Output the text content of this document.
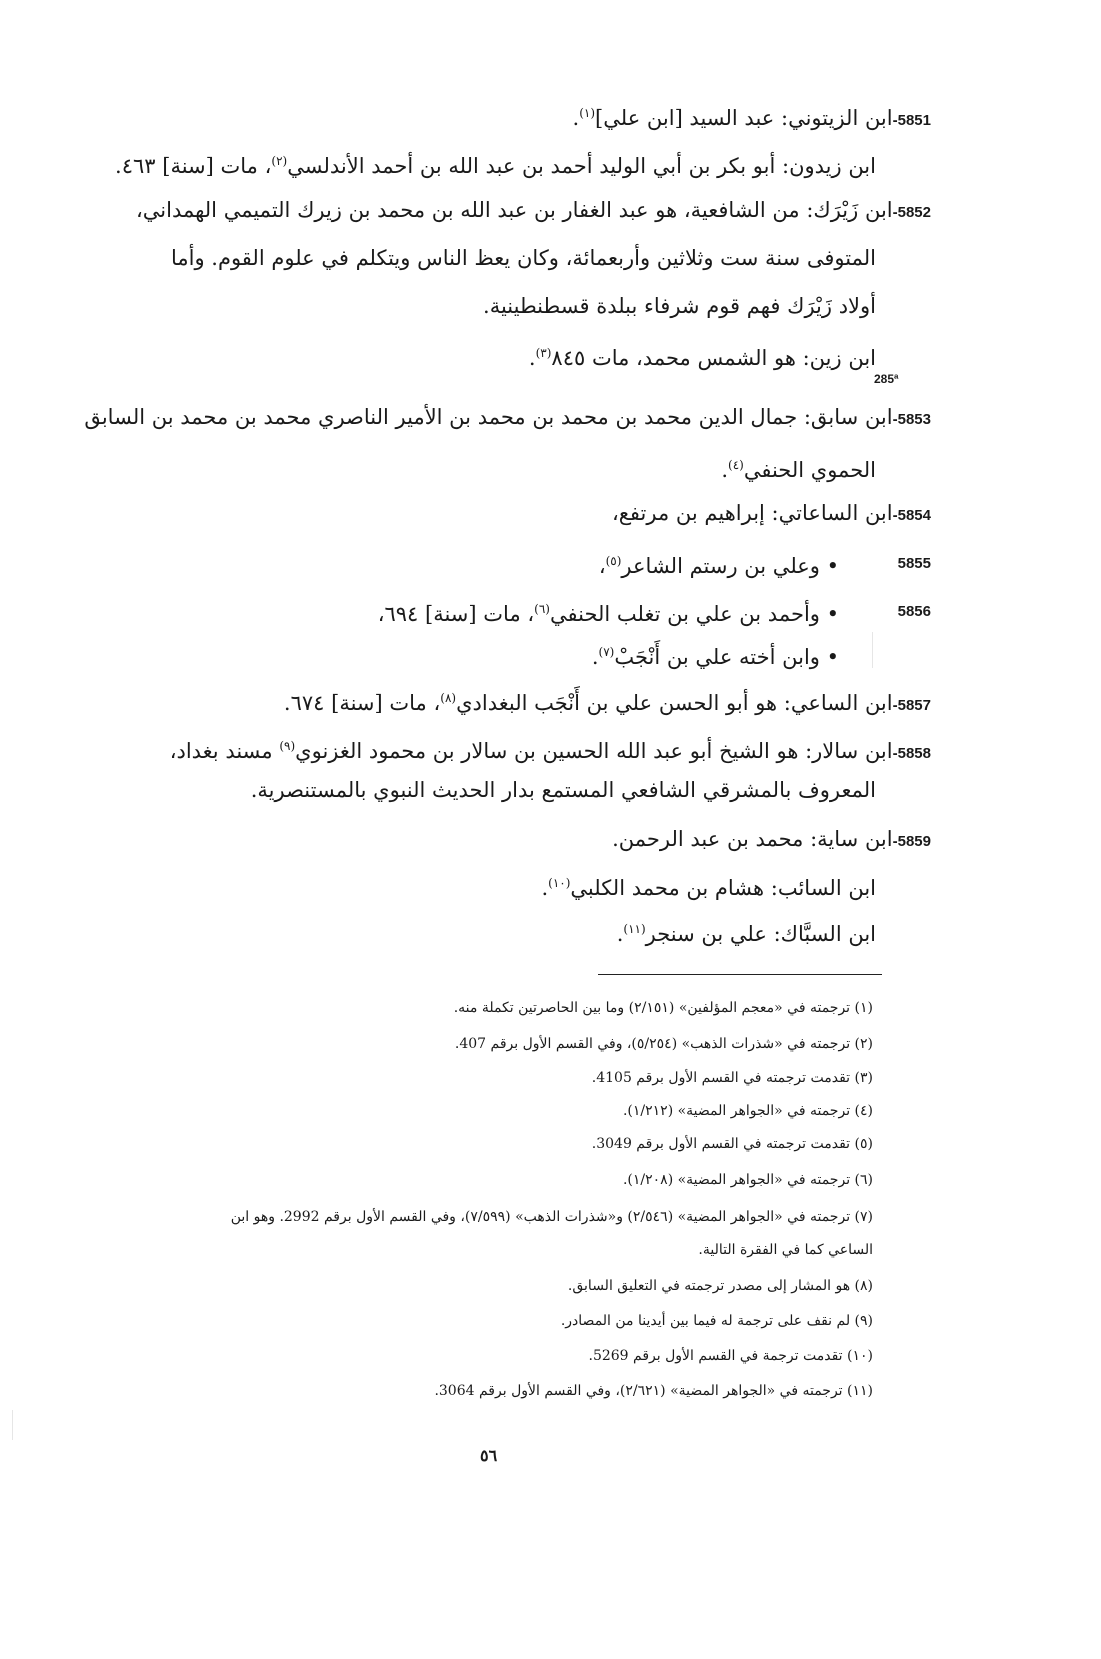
5851-ابن الزيتوني: عبد السيد [ابن علي]$^{(١)}$.
ابن زيدون: أبو بكر بن أبي الوليد أحمد بن عبد الله بن أحمد الأندلسي$^{(٢)}$، مات [سنة] ٤٦٣.
5852-ابن زَيْرَك: من الشافعية، هو عبد الغفار بن عبد الله بن محمد بن زيرك التميمي الهمداني،
المتوفى سنة ست وثلاثين وأربعمائة، وكان يعظ الناس ويتكلم في علوم القوم. وأما
أولاد زَيْرَك فهم قوم شرفاء ببلدة قسطنطينية.
ابن زين: هو الشمس محمد، مات ٨٤٥$^{(٣)}$.
285ª
5853-ابن سابق: جمال الدين محمد بن محمد بن محمد بن الأمير الناصري محمد بن محمد بن السابق
الحموي الحنفي$^{(٤)}$.
5854-ابن الساعاتي: إبراهيم بن مرتفع،
5855
• وعلي بن رستم الشاعر$^{(٥)}$،
5856
• وأحمد بن علي بن تغلب الحنفي$^{(٦)}$، مات [سنة] ٦٩٤،
• وابن أخته علي بن أَنْجَبْ$^{(٧)}$.
5857-ابن الساعي: هو أبو الحسن علي بن أَنْجَب البغدادي$^{(٨)}$، مات [سنة] ٦٧٤.
5858-ابن سالار: هو الشيخ أبو عبد الله الحسين بن سالار بن محمود الغزنوي$^{(٩)}$ مسند بغداد،
المعروف بالمشرقي الشافعي المستمع بدار الحديث النبوي بالمستنصرية.
5859-ابن ساية: محمد بن عبد الرحمن.
ابن السائب: هشام بن محمد الكلبي$^{(١٠)}$.
ابن السبَّاك: علي بن سنجر$^{(١١)}$.
(١) ترجمته في «معجم المؤلفين» (٢/١٥١) وما بين الحاصرتين تكملة منه.
(٢) ترجمته في «شذرات الذهب» (٥/٢٥٤)، وفي القسم الأول برقم 407.
(٣) تقدمت ترجمته في القسم الأول برقم 4105.
(٤) ترجمته في «الجواهر المضية» (١/٢١٢).
(٥) تقدمت ترجمته في القسم الأول برقم 3049.
(٦) ترجمته في «الجواهر المضية» (١/٢٠٨).
(٧) ترجمته في «الجواهر المضية» (٢/٥٤٦) و«شذرات الذهب» (٧/٥٩٩)، وفي القسم الأول برقم 2992. وهو ابن
الساعي كما في الفقرة التالية.
(٨) هو المشار إلى مصدر ترجمته في التعليق السابق.
(٩) لم نقف على ترجمة له فيما بين أيدينا من المصادر.
(١٠) تقدمت ترجمة في القسم الأول برقم 5269.
(١١) ترجمته في «الجواهر المضية» (٢/٦٢١)، وفي القسم الأول برقم 3064.
٥٦
